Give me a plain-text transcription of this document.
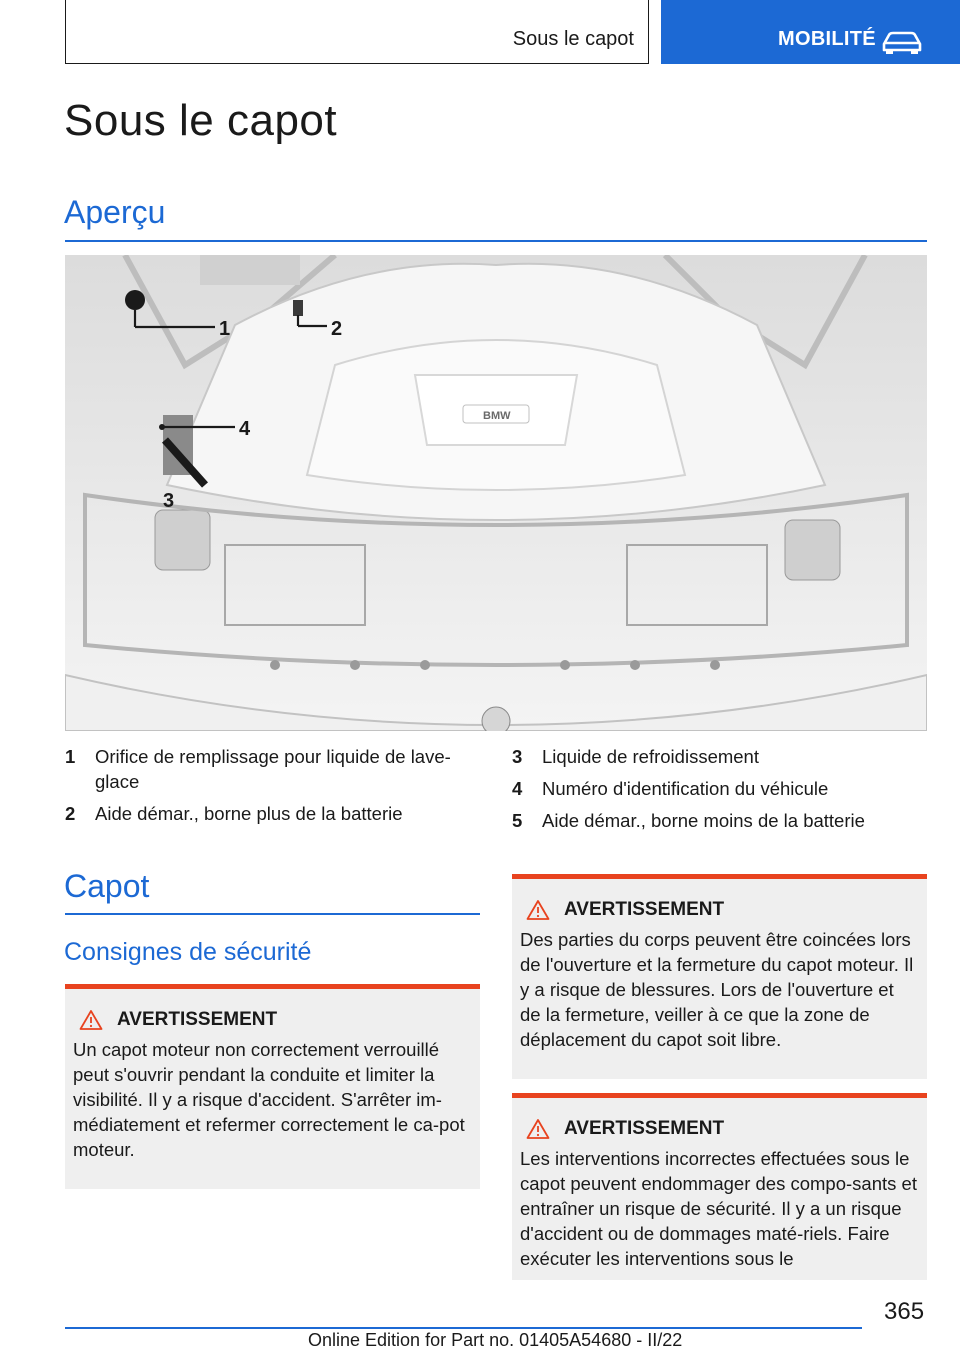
Sous le capot	MOBILITÉ
Sous le capot
Aperçu
BMW
1	2
3
4
1 Orifice de remplissage pour liquide de lave-glace
2 Aide démar., borne plus de la batterie
3 Liquide de refroidissement
4 Numéro d'identification du véhicule
5 Aide démar., borne moins de la batterie
Capot
Consignes de sécurité
AVERTISSEMENT
Un capot moteur non correctement verrouillé peut s'ouvrir pendant la conduite et limiter la visibilité. Il y a risque d'accident. S'arrêter im-médiatement et refermer correctement le ca-pot moteur.
AVERTISSEMENT
Des parties du corps peuvent être coincées lors de l'ouverture et la fermeture du capot moteur. Il y a risque de blessures. Lors de l'ouverture et de la fermeture, veiller à ce que la zone de déplacement du capot soit libre.
AVERTISSEMENT
Les interventions incorrectes effectuées sous le capot peuvent endommager des compo-sants et entraîner un risque de sécurité. Il y a un risque d'accident ou de dommages maté-riels. Faire exécuter les interventions sous le
365
Online Edition for Part no. 01405A54680 - II/22
